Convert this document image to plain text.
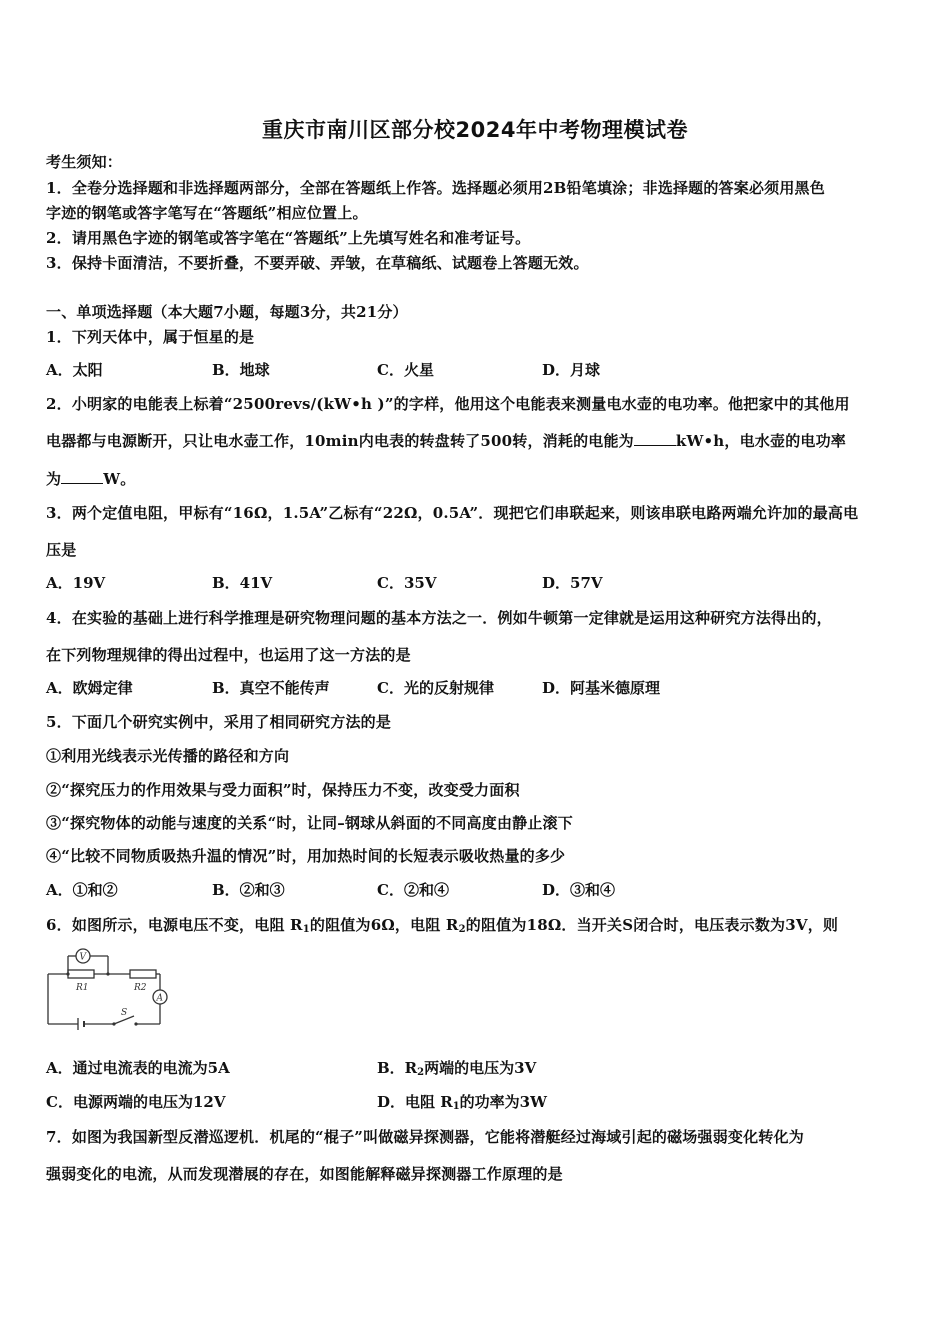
重庆市南川区部分校2024年中考物理模试卷
考生须知：
1．全卷分选择题和非选择题两部分，全部在答题纸上作答。选择题必须用2B铅笔填涂；非选择题的答案必须用黑色
字迹的钢笔或答字笔写在“答题纸”相应位置上。
2．请用黑色字迹的钢笔或答字笔在“答题纸”上先填写姓名和准考证号。
3．保持卡面清洁，不要折叠，不要弄破、弄皱，在草稿纸、试题卷上答题无效。
一、单项选择题（本大题7小题，每题3分，共21分）
1．下列天体中，属于恒星的是
A．太阳	B．地球	C．火星	D．月球
2．小明家的电能表上标着“2500revs/(kW•h )”的字样，他用这个电能表来测量电水壶的电功率。他把家中的其他用
电器都与电源断开，只让电水壶工作，10min内电表的转盘转了500转，消耗的电能为	kW•h，电水壶的电功率
为	W。
3．两个定值电阻，甲标有“16Ω，1.5A”乙标有“22Ω，0.5A”．现把它们串联起来，则该串联电路两端允许加的最高电
压是
A．19V	B．41V	C．35V	D．57V
4．在实验的基础上进行科学推理是研究物理问题的基本方法之一．例如牛顿第一定律就是运用这种研究方法得出的，
在下列物理规律的得出过程中，也运用了这一方法的是
A．欧姆定律	B．真空不能传声	C．光的反射规律	D．阿基米德原理
5．下面几个研究实例中，采用了相同研究方法的是
①利用光线表示光传播的路径和方向
②“探究压力的作用效果与受力面积”时，保持压力不变，改变受力面积
③“探究物体的动能与速度的关系“时，让同–钢球从斜面的不同高度由静止滚下
④“比较不同物质吸热升温的情况”时，用加热时间的长短表示吸收热量的多少
A．①和②	B．②和③	C．②和④	D．③和④
6．如图所示，电源电压不变，电阻 $R_1$的阻值为6Ω，电阻 $R_2$的阻值为18Ω．当开关S闭合时，电压表示数为3V，则
V
A
R1	R2
S
A．通过电流表的电流为5A	B．$R_2$两端的电压为3V
C．电源两端的电压为12V	D．电阻 $R_1$的功率为3W
7．如图为我国新型反潜巡逻机．机尾的“棍子”叫做磁异探测器，它能将潜艇经过海域引起的磁场强弱变化转化为
强弱变化的电流，从而发现潜展的存在，如图能解释磁异探测器工作原理的是
